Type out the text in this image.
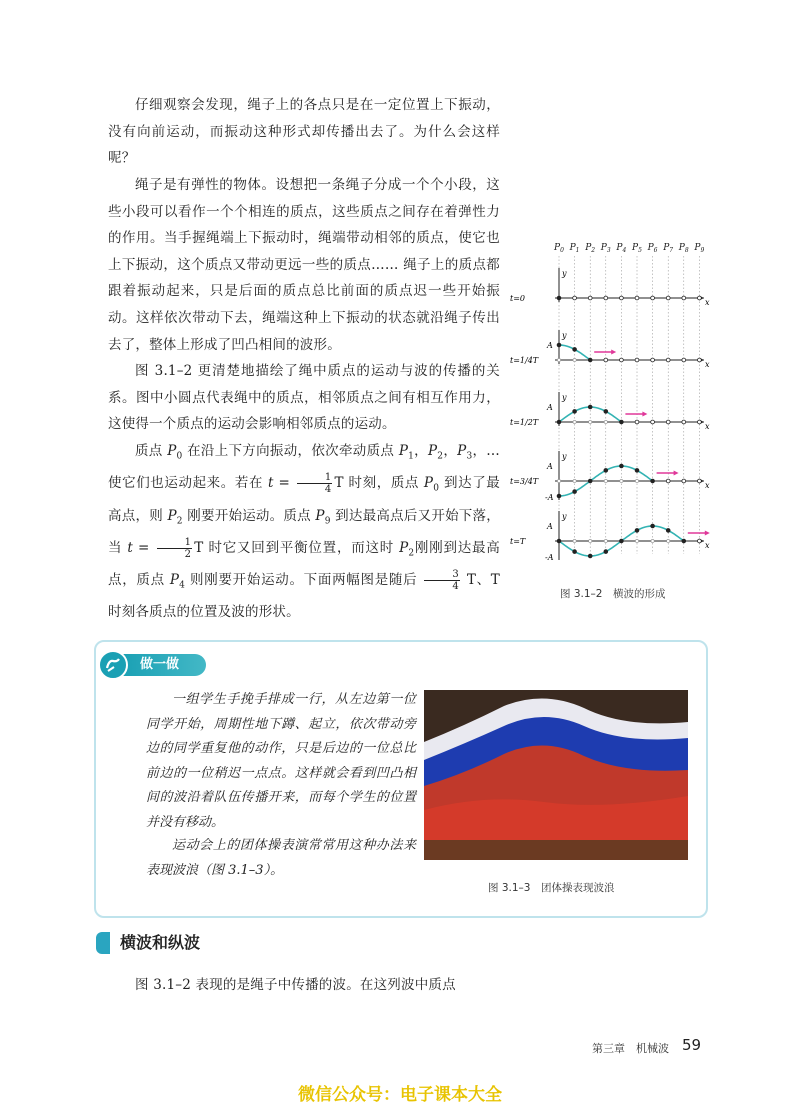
仔细观察会发现，绳子上的各点只是在一定位置上下振动，没有向前运动，而振动这种形式却传播出去了。为什么会这样呢？

绳子是有弹性的物体。设想把一条绳子分成一个个小段，这些小段可以看作一个个相连的质点，这些质点之间存在着弹性力的作用。当手握绳端上下振动时，绳端带动相邻的质点，使它也上下振动，这个质点又带动更远一些的质点…… 绳子上的质点都跟着振动起来，只是后面的质点总比前面的质点迟一些开始振动。这样依次带动下去，绳端这种上下振动的状态就沿绳子传出去了，整体上形成了凹凸相间的波形。

图 3.1–2 更清楚地描绘了绳中质点的运动与波的传播的关系。图中小圆点代表绳中的质点，相邻质点之间有相互作用力，这使得一个质点的运动会影响相邻质点的运动。

质点 $P_0$ 在沿上下方向振动，依次牵动质点 $P_1$，$P_2$，$P_3$，… 使它们也运动起来。若在 $t = \frac{1}{4}$ T 时刻，质点 $P_0$ 到达了最高点，则 $P_2$ 刚要开始运动。质点 $P_9$ 到达最高点后又开始下落，当 $t = \frac{1}{2}$ T 时它又回到平衡位置，而这时 $P_2$刚刚到达最高点，质点 $P_4$ 则刚要开始运动。下面两幅图是随后 $\frac{3}{4}$ T、T 时刻各质点的位置及波的形状。

$P_0$ $P_1$ $P_2$ $P_3$ $P_4$ $P_5$ $P_6$ $P_7$ $P_8$ $P_9$
x
y
t=0
x
y
t=1/4T
A
x
y
t=1/2T
A
x
y
t=3/4T
A
-A
x
y
t=T
A
-A
图 3.1–2　横波的形成
做一做

一组学生手挽手排成一行，从左边第一位同学开始，周期性地下蹲、起立，依次带动旁边的同学重复他的动作，只是后边的一位总比前边的一位稍迟一点点。这样就会看到凹凸相间的波沿着队伍传播开来，而每个学生的位置并没有移动。

运动会上的团体操表演常常用这种办法来表现波浪（图 3.1–3）。

图 3.1–3　团体操表现波浪
横波和纵波

图 3.1–2 表现的是绳子中传播的波。在这列波中质点

第三章　机械波 59
微信公众号：电子课本大全
